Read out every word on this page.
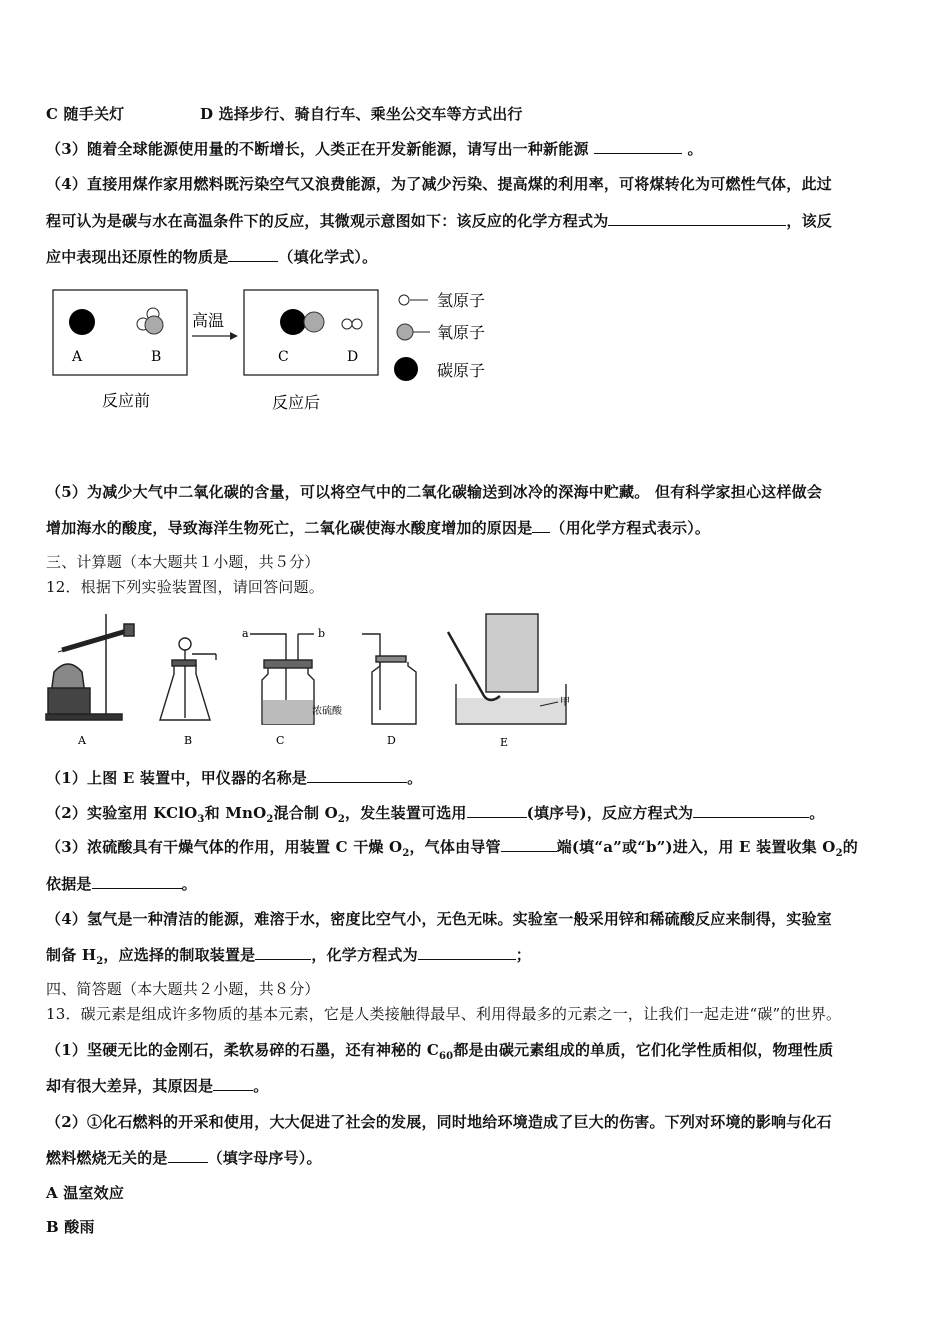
C 随手关灯	D 选择步行、骑自行车、乘坐公交车等方式出行
（3）随着全球能源使用量的不断增长，人类正在开发新能源，请写出一种新能源	。
（4）直接用煤作家用燃料既污染空气又浪费能源，为了减少污染、提高煤的利用率，可将煤转化为可燃性气体，此过
程可认为是碳与水在高温条件下的反应，其微观示意图如下：该反应的化学方程式为	，该反
应中表现出还原性的物质是	（填化学式）。
A	B
高温
C	D
反应前	反应后
氢原子
氧原子
碳原子
（5）为减少大气中二氧化碳的含量，可以将空气中的二氧化碳输送到冰冷的深海中贮藏。 但有科学家担心这样做会
增加海水的酸度，导致海洋生物死亡，二氧化碳使海水酸度增加的原因是 （用化学方程式表示）。
三、计算题（本大题共１小题，共５分）
12．根据下列实验装置图，请回答问题。
A	B
a	b
浓硫酸
C	D
甲
E
（1）上图 E 装置中，甲仪器的名称是	。
（2）实验室用 KClO$_3$和 MnO$_2$混合制 $O_2$，发生装置可选用	(填序号)，反应方程式为	。
（3）浓硫酸具有干燥气体的作用，用装置 C 干燥 $O_2$，气体由导管	端(填“a”或“b”)进入，用 E 装置收集 $O_2$的
依据是	。
（4）氢气是一种清洁的能源，难溶于水，密度比空气小，无色无味。实验室一般采用锌和稀硫酸反应来制得，实验室
制备 $H_2$，应选择的制取装置是	，化学方程式为	；
四、简答题（本大题共２小题，共８分）
13．碳元素是组成许多物质的基本元素，它是人类接触得最早、利用得最多的元素之一，让我们一起走进“碳”的世界。
（1）坚硬无比的金刚石，柔软易碎的石墨，还有神秘的 $C_{60}$都是由碳元素组成的单质，它们化学性质相似，物理性质
却有很大差异，其原因是	。
（2）①化石燃料的开采和使用，大大促进了社会的发展，同时地给环境造成了巨大的伤害。下列对环境的影响与化石
燃料燃烧无关的是	（填字母序号）。
A 温室效应
B 酸雨
